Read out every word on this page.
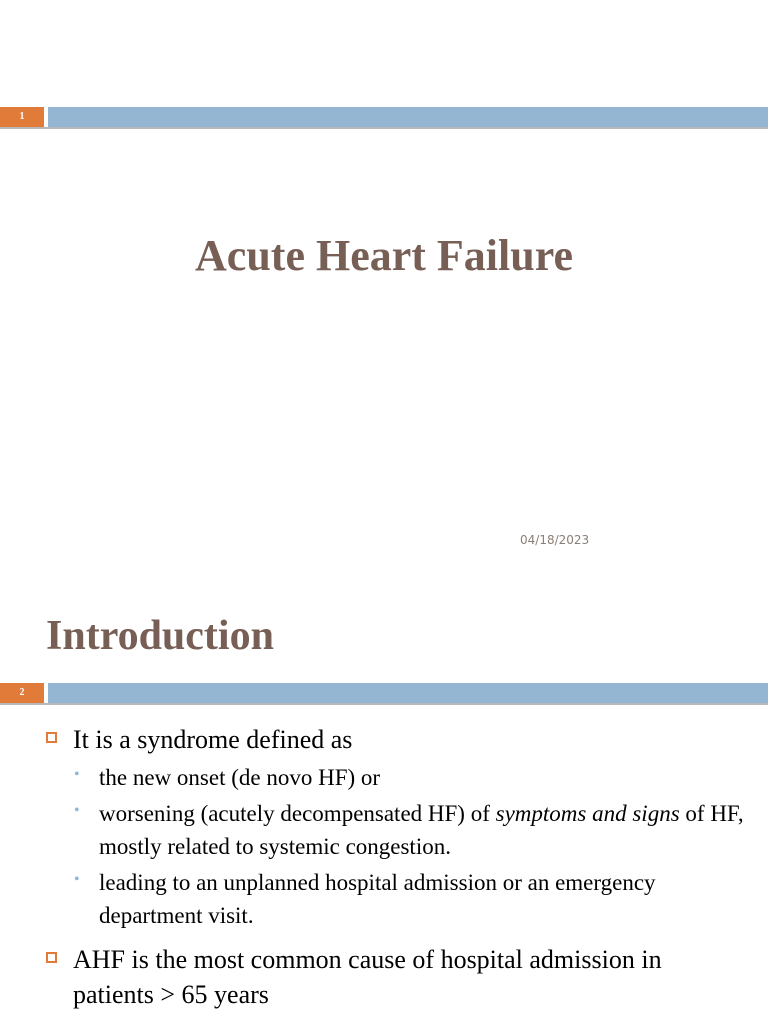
1
Acute Heart Failure
04/18/2023
Introduction
2
It is a syndrome defined as
• the new onset (de novo HF) or
• worsening (acutely decompensated HF) of symptoms and signs of HF, mostly related to systemic congestion.
• leading to an unplanned hospital admission or an emergency department visit.
AHF is the most common cause of hospital admission in patients > 65 years
